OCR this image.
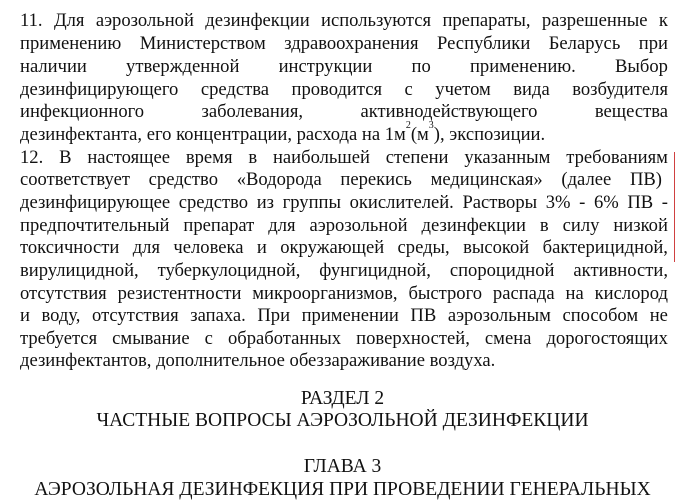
11. Для аэрозольной дезинфекции используются препараты, разрешенные к
применению Министерством здравоохранения Республики Беларусь при
наличии утвержденной инструкции по применению. Выбор
дезинфицирующего средства проводится с учетом вида возбудителя
инфекционного	заболевания,	активнодействующего	вещества
дезинфектанта, его концентрации, расхода на 1м 2 (м 3 ), экспозиции.
12. В настоящее время в наибольшей степени указанным требованиям
соответствует средство «Водорода перекись медицинская» (далее ПВ)
дезинфицирующее средство из группы окислителей. Растворы 3% - 6% ПВ -
предпочтительный препарат для аэрозольной дезинфекции в силу низкой
токсичности для человека и окружающей среды, высокой бактерицидной,
вирулицидной, туберкулоцидной, фунгицидной, спороцидной активности,
отсутствия резистентности микроорганизмов, быстрого распада на кислород
и воду, отсутствия запаха. При применении ПВ аэрозольным способом не
требуется смывание с обработанных поверхностей, смена дорогостоящих
дезинфектантов, дополнительное обеззараживание воздуха.
РАЗДЕЛ 2
ЧАСТНЫЕ ВОПРОСЫ АЭРОЗОЛЬНОЙ ДЕЗИНФЕКЦИИ
ГЛАВА 3
АЭРОЗОЛЬНАЯ ДЕЗИНФЕКЦИЯ ПРИ ПРОВЕДЕНИИ ГЕНЕРАЛЬНЫХ
